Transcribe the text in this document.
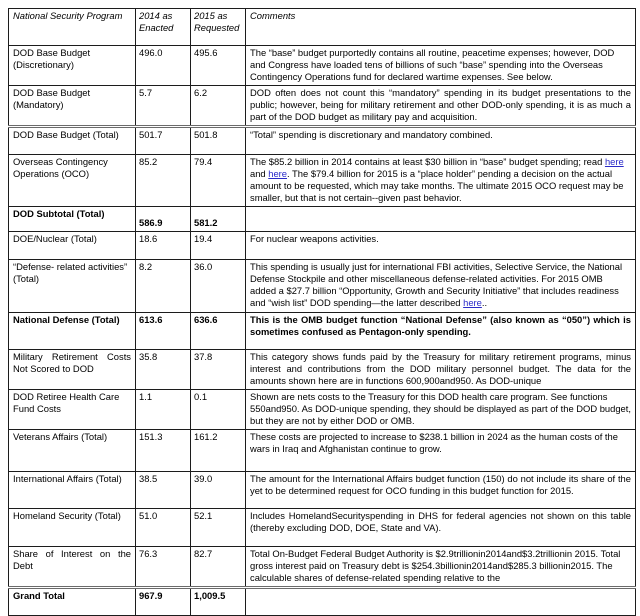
National Security Program	2014 as Enacted	2015 as Requested	Comments
DOD Base Budget (Discretionary)	496.0	495.6	The “base” budget purportedly contains all routine, peacetime expenses; however, DOD and Congress have loaded tens of billions of such “base” spending into the Overseas Contingency Operations fund for declared wartime expenses. See below.
DOD Base Budget (Mandatory)	5.7	6.2	DOD often does not count this “mandatory” spending in its budget presentations to the public; however, being for military retirement and other DOD-only spending, it is as much a part of the DOD budget as military pay and acquisition.
DOD Base Budget (Total)	501.7	501.8	“Total” spending is discretionary and mandatory combined.
Overseas Contingency Operations (OCO)	85.2	79.4	The $85.2 billion in 2014 contains at least $30 billion in “base” budget spending; read here and here. The $79.4 billion for 2015 is a “place holder” pending a decision on the actual amount to be requested, which may take months. The ultimate 2015 OCO request may be smaller, but that is not certain--given past behavior.
DOD Subtotal (Total)	586.9	581.2	
DOE/Nuclear (Total)	18.6	19.4	For nuclear weapons activities.
“Defense- related activities” (Total)	8.2	36.0	This spending is usually just for international FBI activities, Selective Service, the National Defense Stockpile and other miscellaneous defense-related activities. For 2015 OMB added a $27.7 billion “Opportunity, Growth and Security Initiative” that includes readiness and “wish list” DOD spending—the latter described here..
National Defense (Total)	613.6	636.6	This is the OMB budget function “National Defense” (also known as “050”) which is sometimes confused as Pentagon-only spending.
Military Retirement Costs Not Scored to DOD	35.8	37.8	This category shows funds paid by the Treasury for military retirement programs, minus interest and contributions from the DOD military personnel budget. The data for the amounts shown here are in functions 600,900and950. As DOD-unique
DOD Retiree Health Care Fund Costs	1.1	0.1	Shown are nets costs to the Treasury for this DOD health care program. See functions 550and950. As DOD-unique spending, they should be displayed as part of the DOD budget, but they are not by either DOD or OMB.
Veterans Affairs (Total)	151.3	161.2	These costs are projected to increase to $238.1 billion in 2024 as the human costs of the wars in Iraq and Afghanistan continue to grow.
International Affairs (Total)	38.5	39.0	The amount for the International Affairs budget function (150) do not include its share of the yet to be determined request for OCO funding in this budget function for 2015.
Homeland Security (Total)	51.0	52.1	Includes HomelandSecurityspending in DHS for federal agencies not shown on this table (thereby excluding DOD, DOE, State and VA).
Share of Interest on the Debt	76.3	82.7	Total On-Budget Federal Budget Authority is $2.9trillionin2014and$3.2trillionin 2015. Total gross interest paid on Treasury debt is $254.3billionin2014and$285.3 billionin2015. The calculable shares of defense-related spending relative to the
Grand Total	967.9	1,009.5	
